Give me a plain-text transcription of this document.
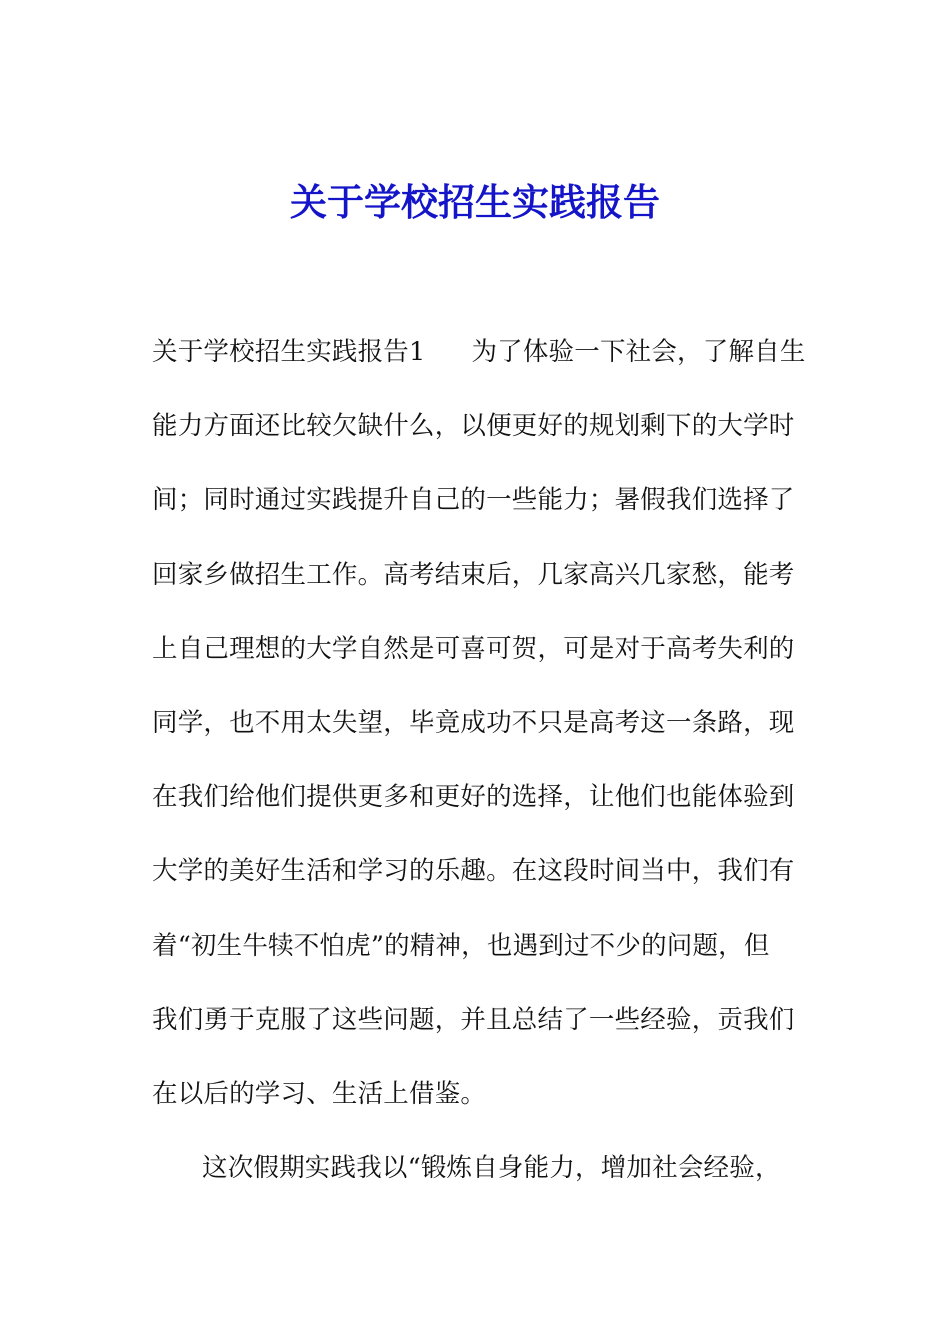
关于学校招生实践报告
关于学校招生实践报告1 为了体验一下社会，了解自生
能力方面还比较欠缺什么，以便更好的规划剩下的大学时
间；同时通过实践提升自己的一些能力；暑假我们选择了
回家乡做招生工作。高考结束后，几家高兴几家愁，能考
上自己理想的大学自然是可喜可贺，可是对于高考失利的
同学，也不用太失望，毕竟成功不只是高考这一条路，现
在我们给他们提供更多和更好的选择，让他们也能体验到
大学的美好生活和学习的乐趣。在这段时间当中，我们有
着“初生牛犊不怕虎”的精神，也遇到过不少的问题，但
我们勇于克服了这些问题，并且总结了一些经验，贡我们
在以后的学习、生活上借鉴。
这次假期实践我以“锻炼自身能力，增加社会经验，
